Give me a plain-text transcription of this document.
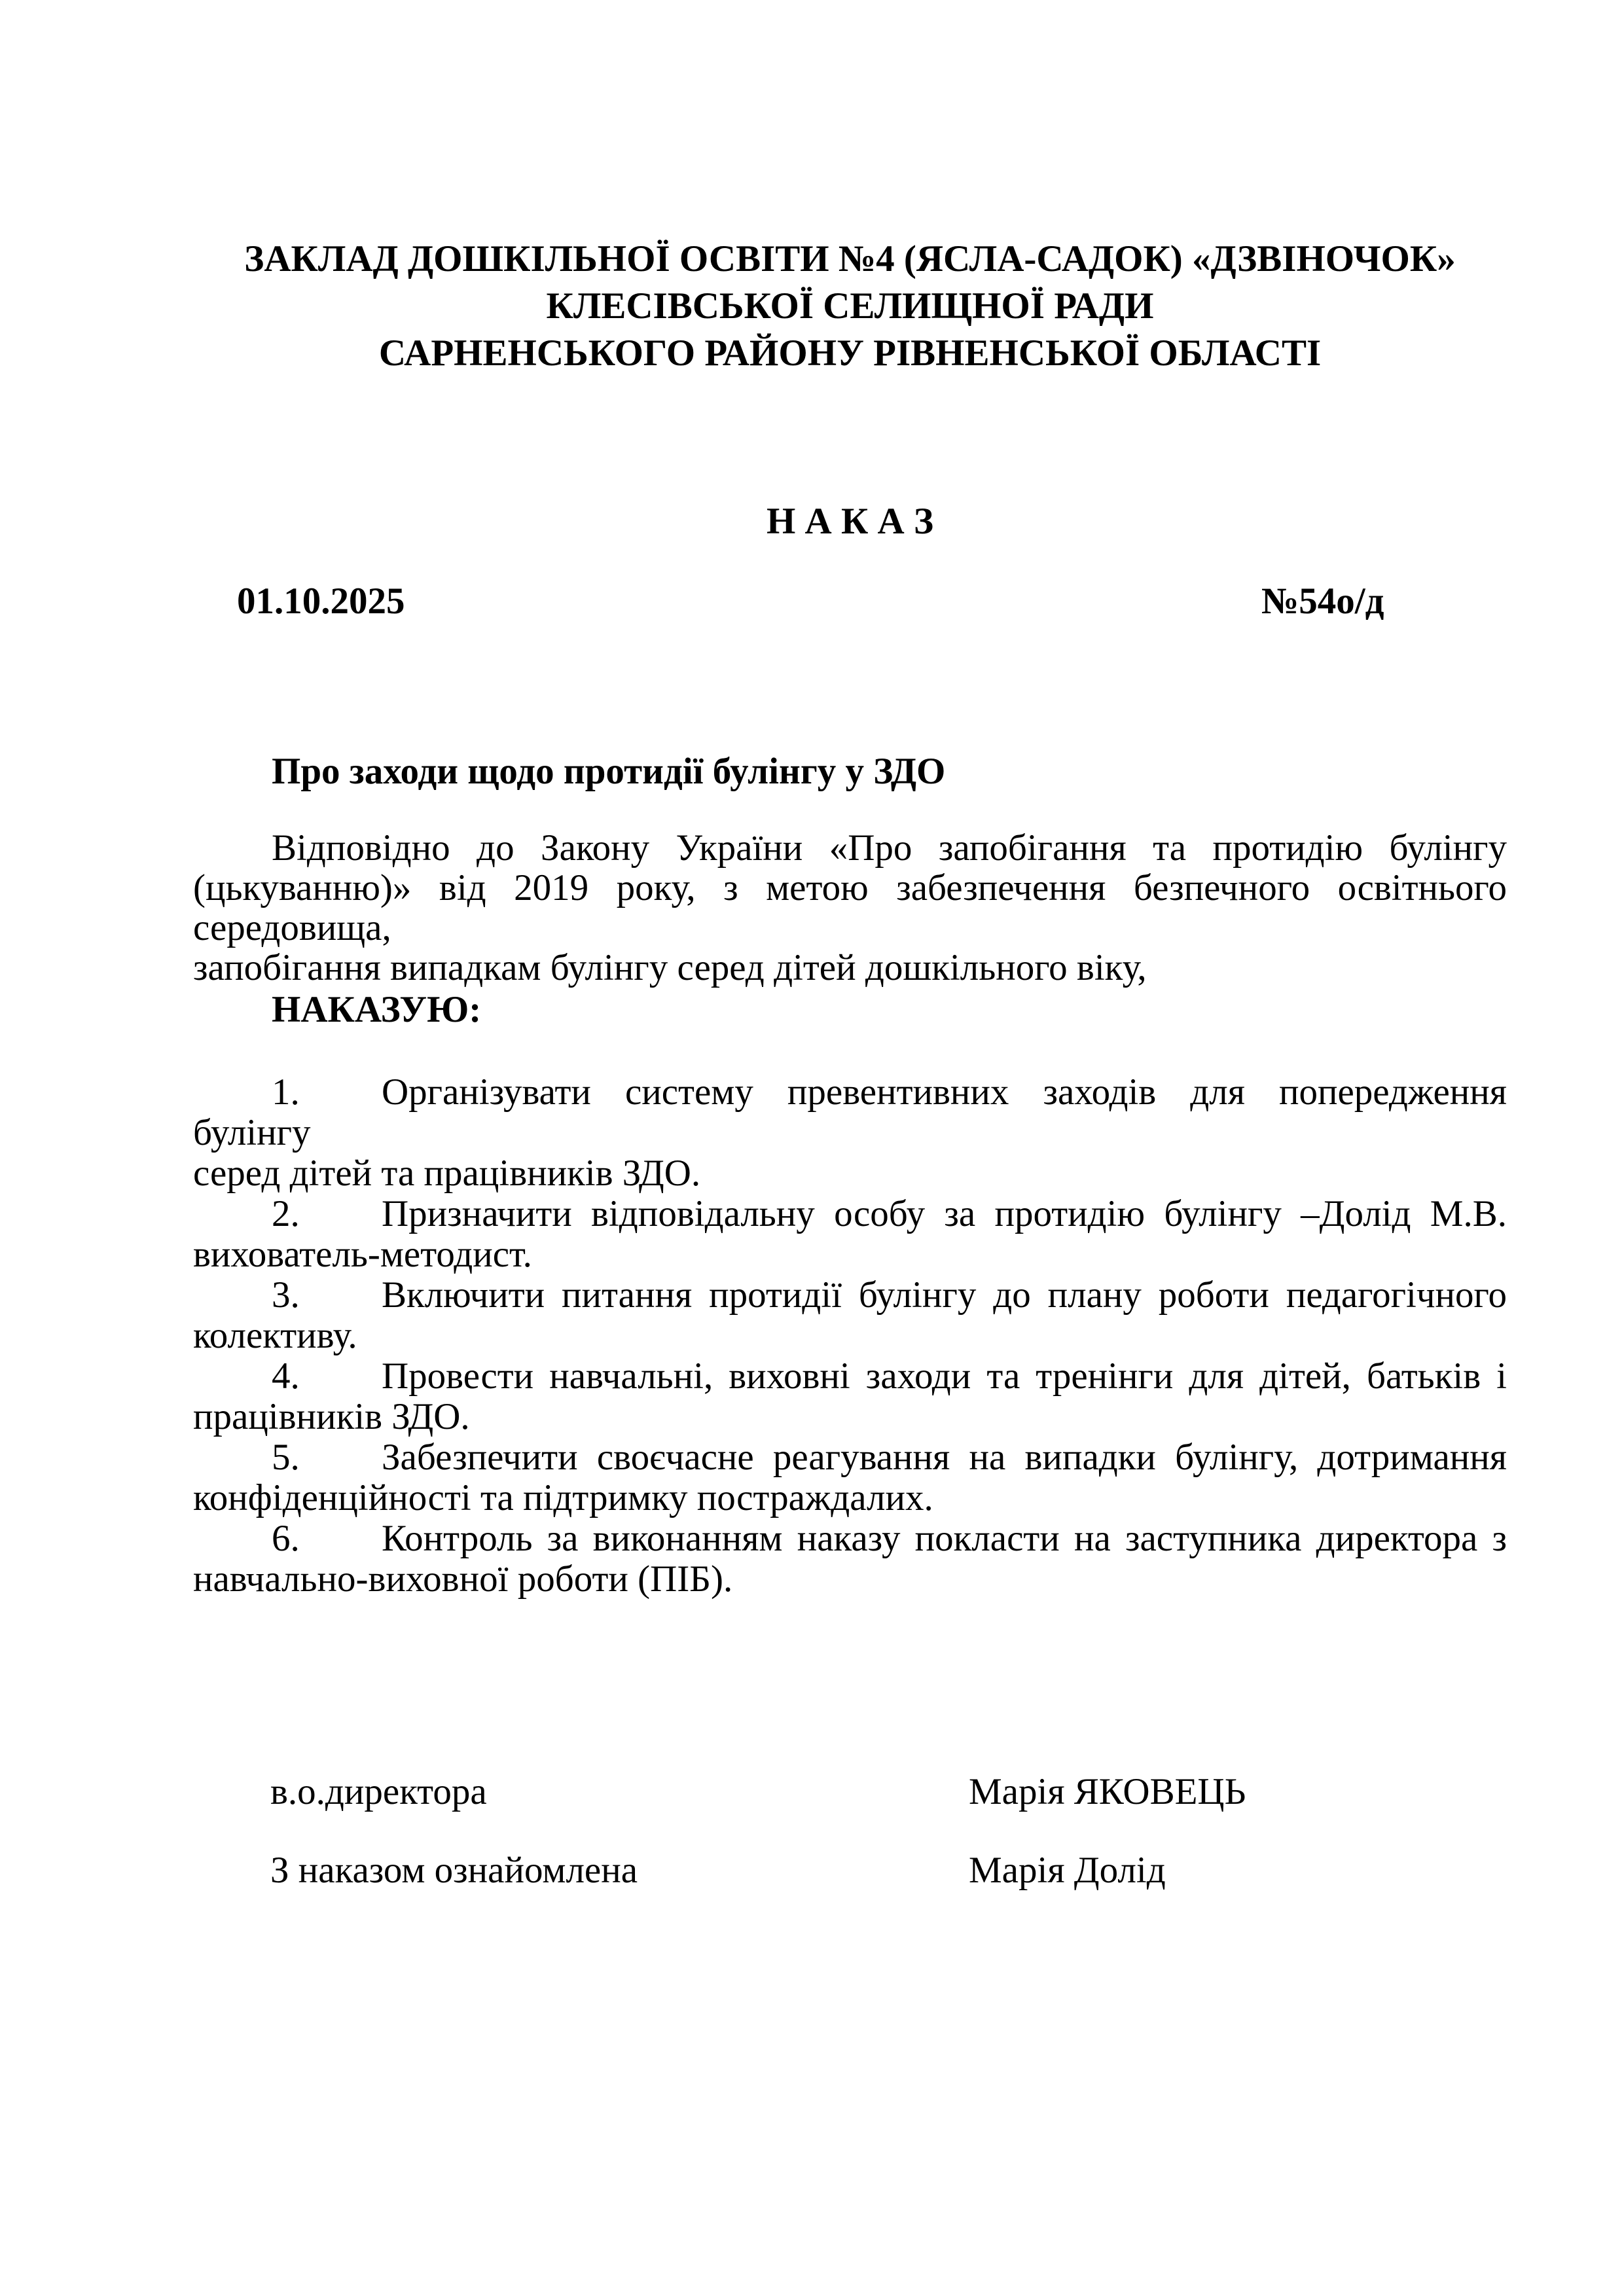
ЗАКЛАД ДОШКІЛЬНОЇ ОСВІТИ №4 (ЯСЛА-САДОК) «ДЗВІНОЧОК»
КЛЕСІВСЬКОЇ СЕЛИЩНОЇ РАДИ
САРНЕНСЬКОГО РАЙОНУ РІВНЕНСЬКОЇ ОБЛАСТІ
Н А К А З
01.10.2025	№54о/д
Про заходи щодо протидії булінгу у ЗДО
Відповідно до Закону України «Про запобігання та протидію булінгу
(цькуванню)» від 2019 року, з метою забезпечення безпечного освітнього середовища,
запобігання випадкам булінгу серед дітей дошкільного віку,
НАКАЗУЮ:
1. Організувати систему превентивних заходів для попередження булінгу
серед дітей та працівників ЗДО.
2. Призначити відповідальну особу за протидію булінгу –Долід М.В.
вихователь-методист.
3. Включити питання протидії булінгу до плану роботи педагогічного
колективу.
4. Провести навчальні, виховні заходи та тренінги для дітей, батьків і
працівників ЗДО.
5. Забезпечити своєчасне реагування на випадки булінгу, дотримання
конфіденційності та підтримку постраждалих.
6. Контроль за виконанням наказу покласти на заступника директора з
навчально-виховної роботи (ПІБ).
в.о.директора	Марія ЯКОВЕЦЬ
З наказом ознайомлена	Марія Долід
